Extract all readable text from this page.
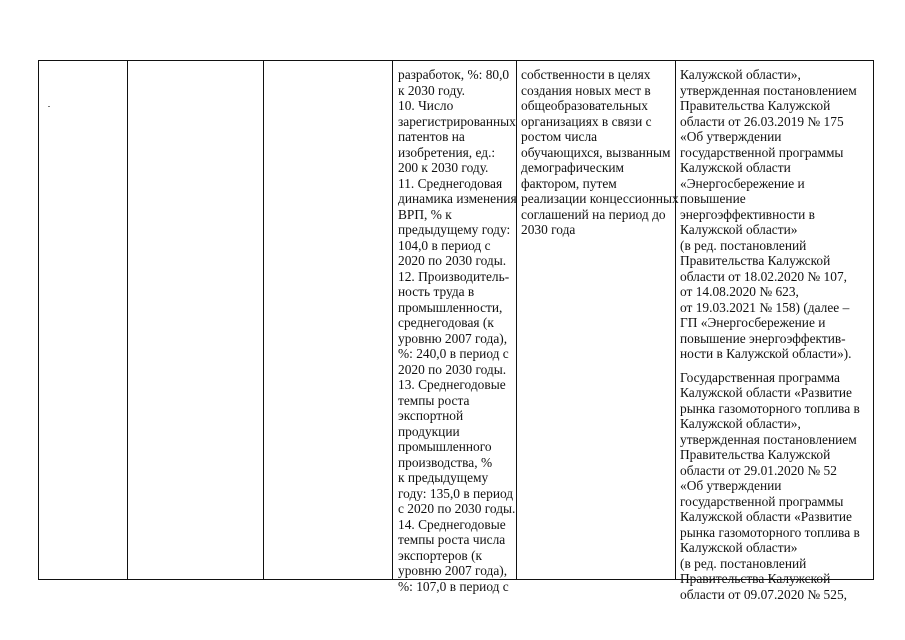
разработок, %: 80,0
к 2030 году.
10. Число
зарегистрированных
патентов на
изобретения, ед.:
200 к 2030 году.
11. Среднегодовая
динамика изменения
ВРП, % к
предыдущему году:
104,0 в период с
2020 по 2030 годы.
12. Производитель-
ность труда в
промышленности,
среднегодовая (к
уровню 2007 года),
%: 240,0 в период с
2020 по 2030 годы.
13. Среднегодовые
темпы роста
экспортной
продукции
промышленного
производства, %
к предыдущему
году: 135,0 в период
с 2020 по 2030 годы.
14. Среднегодовые
темпы роста числа
экспортеров (к
уровню 2007 года),
%: 107,0 в период с
собственности в целях
создания новых мест в
общеобразовательных
организациях в связи с
ростом числа
обучающихся, вызванным
демографическим
фактором, путем
реализации концессионных
соглашений на период до
2030 года
Калужской области»,
утвержденная постановлением
Правительства Калужской
области от 26.03.2019 № 175
«Об утверждении
государственной программы
Калужской области
«Энергосбережение и
повышение
энергоэффективности в
Калужской области»
(в ред. постановлений
Правительства Калужской
области от 18.02.2020 № 107,
от 14.08.2020 № 623,
от 19.03.2021 № 158) (далее –
ГП «Энергосбережение и
повышение энергоэффектив-
ности в Калужской области»).
Государственная программа
Калужской области «Развитие
рынка газомоторного топлива в
Калужской области»,
утвержденная постановлением
Правительства Калужской
области от 29.01.2020 № 52
«Об утверждении
государственной программы
Калужской области «Развитие
рынка газомоторного топлива в
Калужской области»
(в ред. постановлений
Правительства Калужской
области от 09.07.2020 № 525,
